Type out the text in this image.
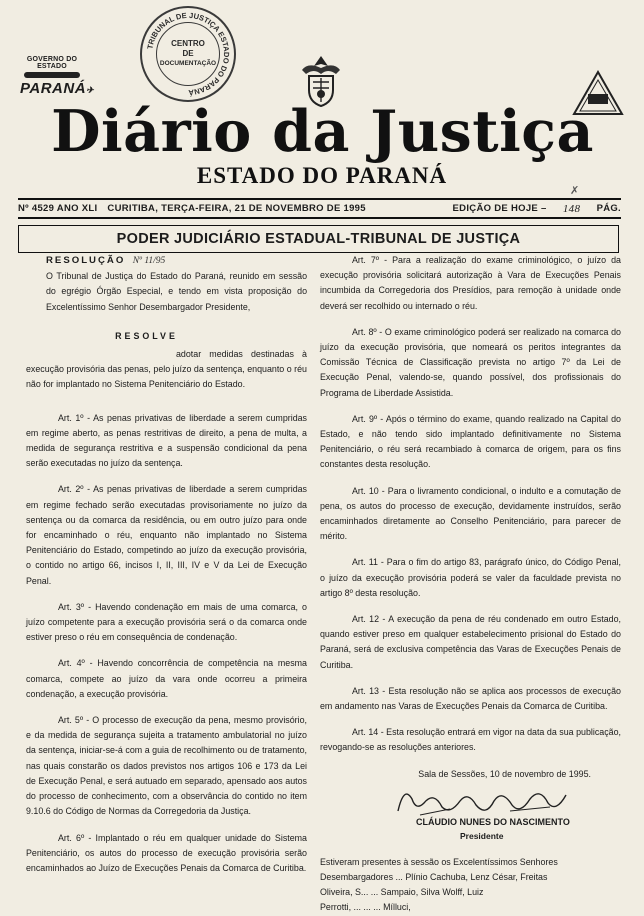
TRIBUNAL DE JUSTIÇA ESTADO DO PARANÁ
CENTRO
DE
DOCUMENTAÇÃO
GOVERNO DO ESTADO
PARANÁ✈
Diário da Justiça
ESTADO DO PARANÁ
✗
Nº 4529 ANO XLI CURITIBA, TERÇA-FEIRA, 21 DE NOVEMBRO DE 1995	EDIÇÃO DE HOJE –	148	PÁG.
PODER JUDICIÁRIO ESTADUAL-TRIBUNAL DE JUSTIÇA
RESOLUÇÃO Nº 11/95

O Tribunal de Justiça do Estado do Paraná, reunido em sessão do egrégio Órgão Especial, e tendo em vista proposição do Excelentíssimo Senhor Desembargador Presidente,

RESOLVE

adotar medidas destinadas à execução provisória das penas, pelo juízo da sentença, enquanto o réu não for implantado no Sistema Penitenciário do Estado.

Art. 1º - As penas privativas de liberdade a serem cumpridas em regime aberto, as penas restritivas de direito, a pena de multa, a medida de segurança restritiva e a suspensão condicional da pena serão executadas no juízo da sentença.

Art. 2º - As penas privativas de liberdade a serem cumpridas em regime fechado serão executadas provisoriamente no juízo da sentença ou da comarca da residência, ou em outro juízo para onde for encaminhado o réu, enquanto não implantado no Sistema Penitenciário do Estado, competindo ao juízo da execução provisória, o contido no artigo 66, incisos I, II, III, IV e V da Lei de Execução Penal.

Art. 3º - Havendo condenação em mais de uma comarca, o juízo competente para a execução provisória será o da comarca onde estiver preso o réu em consequência de condenação.

Art. 4º - Havendo concorrência de competência na mesma comarca, compete ao juízo da vara onde ocorreu a primeira condenação, a execução provisória.

Art. 5º - O processo de execução da pena, mesmo provisório, e da medida de segurança sujeita a tratamento ambulatorial no juízo da sentença, iniciar-se-á com a guia de recolhimento ou de tratamento, nas quais constarão os dados previstos nos artigos 106 e 173 da Lei de Execução Penal, e será autuado em separado, apensado aos autos do processo de conhecimento, com a observância do contido no item 9.10.6 do Código de Normas da Corregedoria da Justiça.

Art. 6º - Implantado o réu em qualquer unidade do Sistema Penitenciário, os autos do processo de execução provisória serão encaminhados ao Juízo de Execuções Penais da Comarca de Curitiba.

Art. 7º - Para a realização do exame criminológico, o juízo da execução provisória solicitará autorização à Vara de Execuções Penais incumbida da Corregedoria dos Presídios, para remoção à unidade onde deverá ser recolhido ou internado o réu.

Art. 8º - O exame criminológico poderá ser realizado na comarca do juízo da execução provisória, que nomeará os peritos integrantes da Comissão Técnica de Classificação prevista no artigo 7º da Lei de Execução Penal, valendo-se, quando possível, dos profissionais do Programa de Liberdade Assistida.

Art. 9º - Após o término do exame, quando realizado na Capital do Estado, e não tendo sido implantado definitivamente no Sistema Penitenciário, o réu será recambiado à comarca de origem, para os fins constantes desta resolução.

Art. 10 - Para o livramento condicional, o indulto e a comutação de pena, os autos do processo de execução, devidamente instruídos, serão encaminhados diretamente ao Conselho Penitenciário, para parecer de mérito.

Art. 11 - Para o fim do artigo 83, parágrafo único, do Código Penal, o juízo da execução provisória poderá se valer da faculdade prevista no artigo 8º desta resolução.

Art. 12 - A execução da pena de réu condenado em outro Estado, quando estiver preso em qualquer estabelecimento prisional do Estado do Paraná, será de exclusiva competência das Varas de Execuções Penais de Curitiba.

Art. 13 - Esta resolução não se aplica aos processos de execução em andamento nas Varas de Execuções Penais da Comarca de Curitiba.

Art. 14 - Esta resolução entrará em vigor na data da sua publicação, revogando-se as resoluções anteriores.

Sala de Sessões, 10 de novembro de 1995.
CLÁUDIO NUNES DO NASCIMENTO
Presidente

Estiveram presentes à sessão os Excelentíssimos Senhores

Desembargadores ... Plínio Cachuba, Lenz César, Freitas

Oliveira, S... ... Sampaio, Silva Wolff, Luiz

Perrotti, ... ... ... Mílluci,
